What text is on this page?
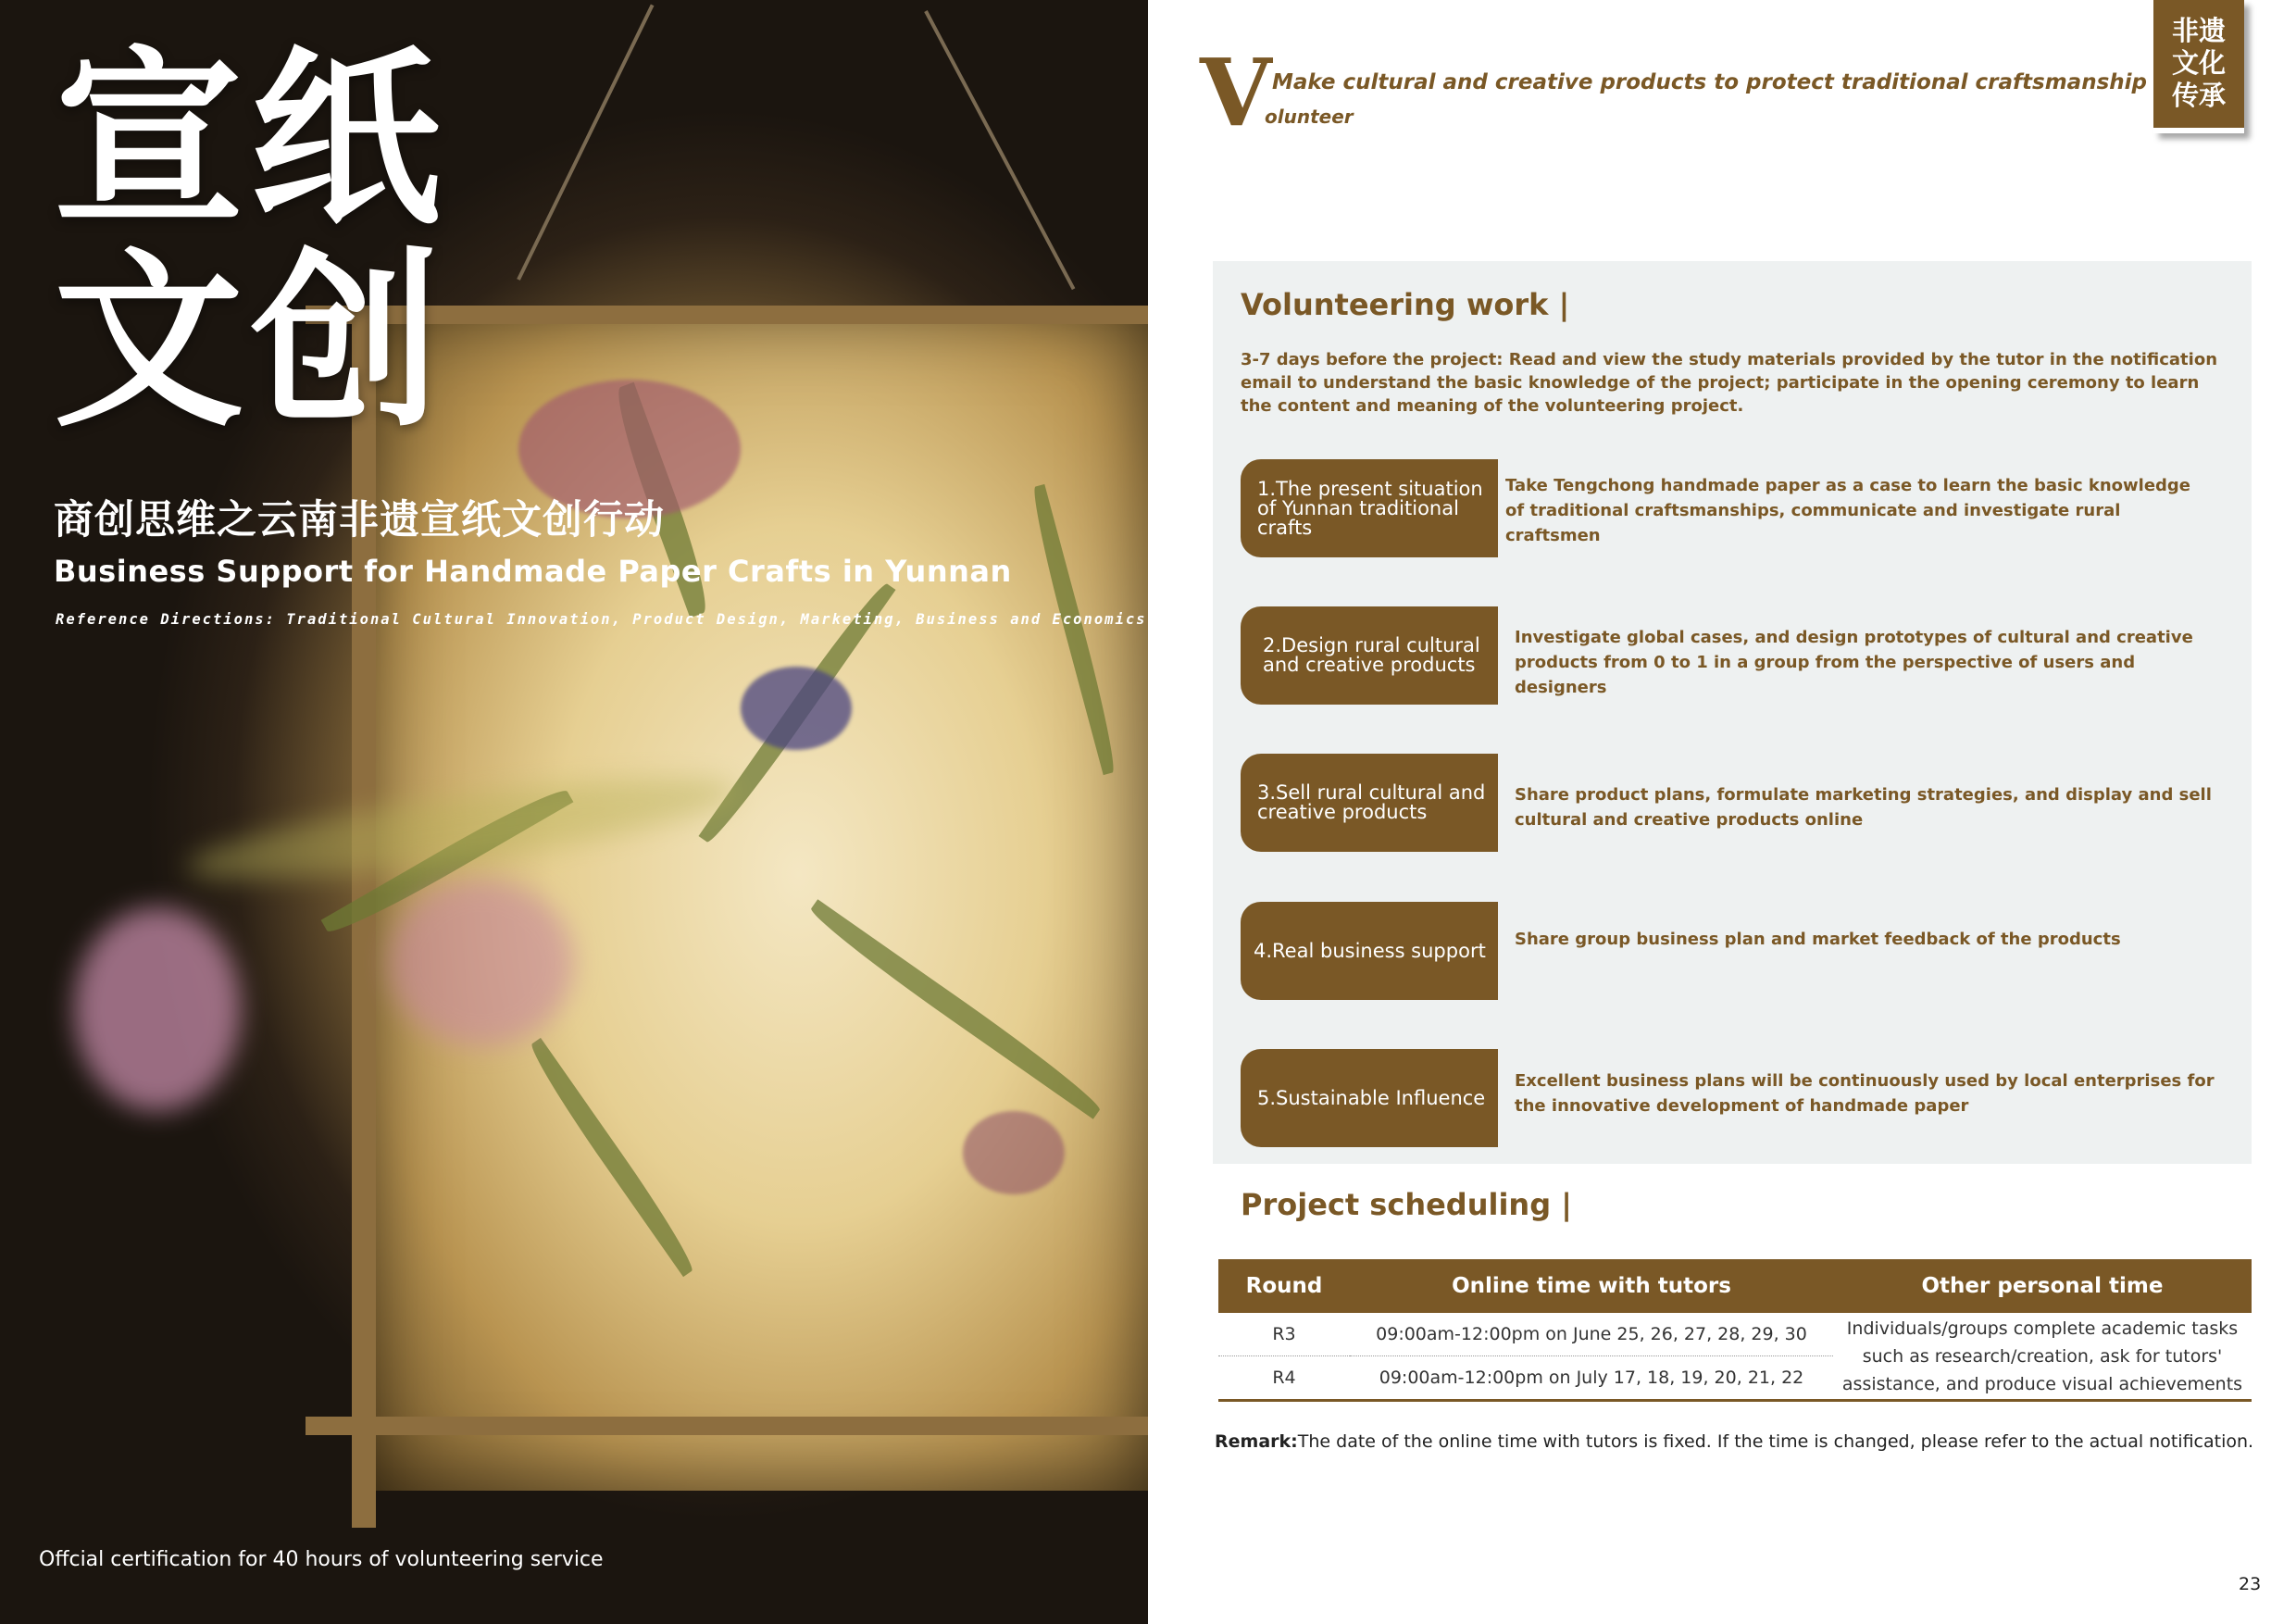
宣纸
文创
商创思维之云南非遗宣纸文创行动
Business Support for Handmade Paper Crafts in Yunnan
Reference Directions: Traditional Cultural Innovation, Product Design, Marketing, Business and Economics
Offcial certification for 40 hours of volunteering service
V Make cultural and creative products to protect traditional craftsmanship
olunteer
非遗
文化
传承
Volunteering work |
3-7 days before the project: Read and view the study materials provided by the tutor in the notification email to understand the basic knowledge of the project; participate in the opening ceremony to learn the content and meaning of the volunteering project.
1.The present situation of Yunnan traditional crafts
Take Tengchong handmade paper as a case to learn the basic knowledge of traditional craftsmanships, communicate and investigate rural craftsmen
2.Design rural cultural and creative products
Investigate global cases, and design prototypes of cultural and creative products from 0 to 1 in a group from the perspective of users and designers
3.Sell rural cultural and creative products
Share product plans, formulate marketing strategies, and display and sell cultural and creative products online
4.Real business support	Share group business plan and market feedback of the products
5.Sustainable Influence
Excellent business plans will be continuously used by local enterprises for the innovative development of handmade paper
Project scheduling |
Round	Online time with tutors	Other personal time
R3	09:00am-12:00pm on June 25, 26, 27, 28, 29, 30	Individuals/groups complete academic tasks such as research/creation, ask for tutors' assistance, and produce visual achievements
R4	09:00am-12:00pm on July 17, 18, 19, 20, 21, 22	
Remark:The date of the online time with tutors is fixed. If the time is changed, please refer to the actual notification.
23
